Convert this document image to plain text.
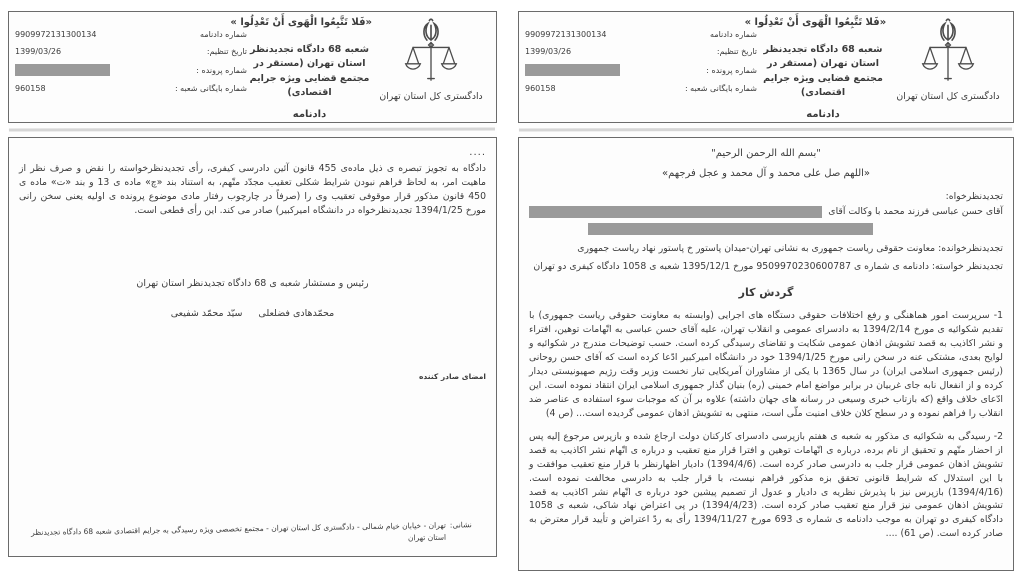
«فَلا تَتَّبِعُوا الْهَوی أَنْ تَعْدِلُوا »
دادگستری کل استان تهران
شعبه 68 دادگاه تجدیدنظر استان تهران (مستقر در مجتمع قضایی ویژه جرایم اقتصادی)
دادنامه
شماره دادنامه
9909972131300134
تاریخ تنظیم:
1399/03/26
شماره پرونده :
شماره بایگانی شعبه :
960158
....
دادگاه به تجویز تبصره ی ذیل ماده‌ی 455 قانون آئین دادرسی کیفری، رأی تجدیدنظرخواسته را نقض و صرف نظر از ماهیت امر، به لحاظ فراهم نبودن شرایط شکلی تعقیب مجدّد متّهم، به استناد بند «چ» ماده ی 13 و بند «ت» ماده ی 450 قانون مذکور قرار موقوفی تعقیب وی را (صرفاً در چارچوب رفتار مادی موضوع پرونده ی اولیه یعنی سخن رانی مورخ 1394/1/25 تجدیدنظرخواه در دانشگاه امیرکبیر) صادر می کند. این رأی قطعی است.
رئیس و مستشار شعبه ی 68 دادگاه تجدیدنظر استان تهران
محمّدهادی فضلعلیسیّد محمّد شفیعی
امضای صادر کننده
نشانی:
تهران - خیابان خیام شمالی - دادگستری کل استان تهران - مجتمع تخصصی ویژه رسیدگی به جرایم اقتصادی شعبه 68 دادگاه تجدیدنظر استان تهران
«فَلا تَتَّبِعُوا الْهَوی أَنْ تَعْدِلُوا »
دادگستری کل استان تهران
شعبه 68 دادگاه تجدیدنظر استان تهران (مستقر در مجتمع قضایی ویژه جرایم اقتصادی)
دادنامه
شماره دادنامه
9909972131300134
تاریخ تنظیم:
1399/03/26
شماره پرونده :
شماره بایگانی شعبه :
960158
"بسم الله الرحمن الرحيم"
«اللهم صل علی محمد و آل محمد و عجل فرجهم»
تجدیدنظرخواه:
آقای حسن عباسی فرزند محمد با وکالت آقای
تجدیدنظرخوانده: معاونت حقوقی ریاست جمهوری به نشانی تهران-میدان پاستور خ پاستور نهاد ریاست جمهوری
تجدیدنظر خواسته: دادنامه ی شماره ی 9509970230600787 مورخ 1395/12/1 شعبه ی 1058 دادگاه کیفری دو تهران
گردش کار
1- سرپرست امور هماهنگی و رفع اختلافات حقوقی دستگاه های اجرایی (وابسته به معاونت حقوقی ریاست جمهوری) با تقدیم شکوائیه ی مورخ 1394/2/14 به دادسرای عمومی و انقلاب تهران، علیه آقای حسن عباسی به اتّهامات توهین، افتراء و نشر اکاذیب به قصد تشویش اذهان عمومی شکایت و تقاضای رسیدگی کرده است. حسب توضیحات مندرج در شکوائیه و لوایح بعدی، مشتکی عنه در سخن رانی مورخ 1394/1/25 خود در دانشگاه امیرکبیر ادّعا کرده است که آقای حسن روحانی (رئیس جمهوری اسلامی ایران) در سال 1365 با یکی از مشاوران آمریکایی تبار نخست وزیر وقت رژیم صهیونیستی دیدار کرده و از انفعال نابه جای غربیان در برابر مواضع امام خمینی (ره) بنیان گذار جمهوری اسلامی ایران انتقاد نموده است. این ادّعای خلاف واقع (که بازتاب خبری وسیعی در رسانه های جهان داشته) علاوه بر آن که موجبات سوء استفاده ی عناصر ضد انقلاب را فراهم نموده و در سطح کلان خلاف امنیت ملّی است، منتهی به تشویش اذهان عمومی گردیده است... (ص 4)
2- رسیدگی به شکوائیه ی مذکور به شعبه ی هفتم بازپرسی دادسرای کارکنان دولت ارجاع شده و بازپرس مرجوع إلیه پس از احضار متّهم و تحقیق از نام برده، درباره ی اتّهامات توهین و افترا قرار منع تعقیب و درباره ی اتّهام نشر اکاذیب به قصد تشویش اذهان عمومی قرار جلب به دادرسی صادر کرده است. (1394/4/6) دادیار اظهارنظر با قرار منع تعقیب موافقت و با این استدلال که شرایط قانونی تحقق بزه مذکور فراهم نیست، با قرار جلب به دادرسی مخالفت نموده است. (1394/4/16) بازپرس نیز با پذیرش نظریه ی دادیار و عدول از تصمیم پیشین خود درباره ی اتّهام نشر اکاذیب به قصد تشویش اذهان عمومی نیز قرار منع تعقیب صادر کرده است. (1394/4/23) در پی اعتراض نهاد شاکی، شعبه ی 1058 دادگاه کیفری دو تهران به موجب دادنامه ی شماره ی 693 مورخ 1394/11/27 رأی به ردّ اعتراض و تأیید قرار معترض به صادر کرده است. (ص 61) ....
